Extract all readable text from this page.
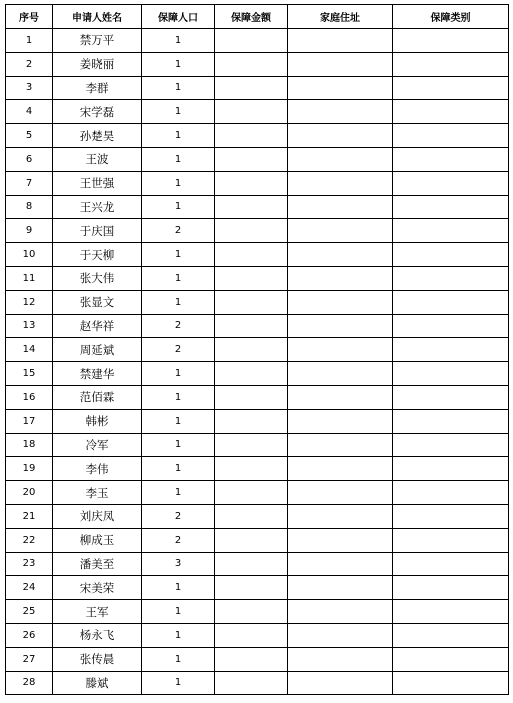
序号	申请人姓名	保障人口	保障金额	家庭住址	保障类别
1	禁万平	1			
2	姜晓丽	1			
3	李群	1			
4	宋学磊	1			
5	孙楚昊	1			
6	王波	1			
7	王世强	1			
8	王兴龙	1			
9	于庆国	2			
10	于天柳	1			
11	张大伟	1			
12	张显文	1			
13	赵华祥	2			
14	周延斌	2			
15	禁建华	1			
16	范佰霖	1			
17	韩彬	1			
18	冷军	1			
19	李伟	1			
20	李玉	1			
21	刘庆凤	2			
22	柳成玉	2			
23	潘美至	3			
24	宋美荣	1			
25	王军	1			
26	杨永飞	1			
27	张传晨	1			
28	滕斌	1			
